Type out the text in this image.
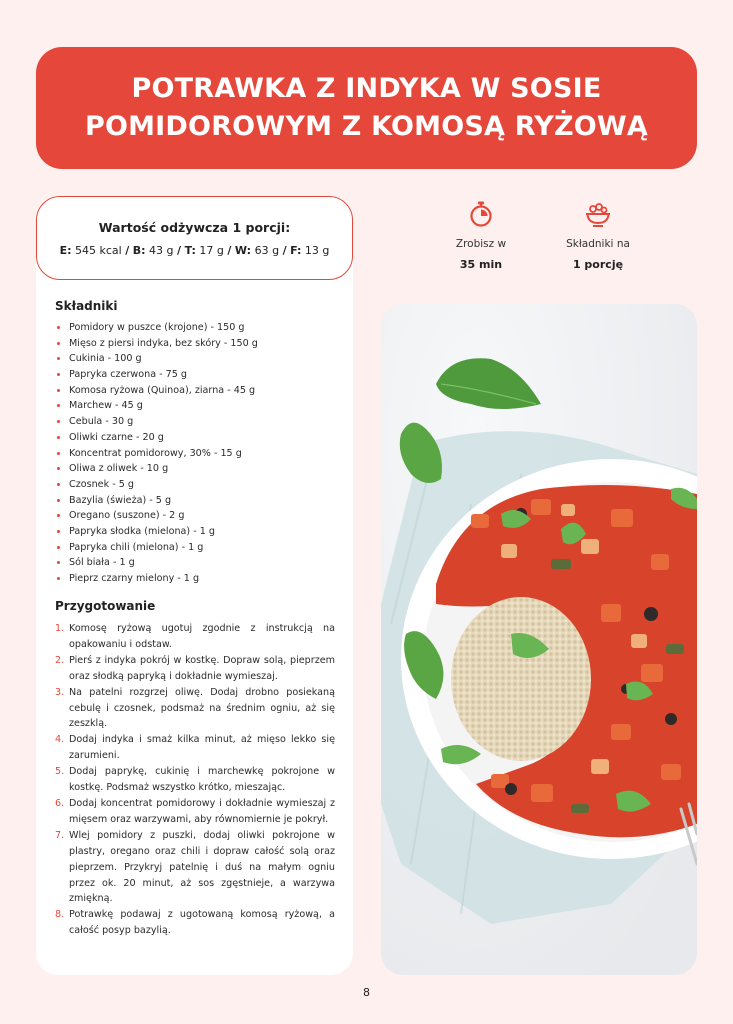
POTRAWKA Z INDYKA W SOSIE
POMIDOROWYM Z KOMOSĄ RYŻOWĄ
Wartość odżywcza 1 porcji:
E: 545 kcal / B: 43 g / T: 17 g / W: 63 g / F: 13 g	Zrobisz w
35 min
Składniki na
1 porcję
Składniki
Pomidory w puszce (krojone) - 150 g
Mięso z piersi indyka, bez skóry - 150 g
Cukinia - 100 g
Papryka czerwona - 75 g
Komosa ryżowa (Quinoa), ziarna - 45 g
Marchew - 45 g
Cebula - 30 g
Oliwki czarne - 20 g
Koncentrat pomidorowy, 30% - 15 g
Oliwa z oliwek - 10 g
Czosnek - 5 g
Bazylia (świeża) - 5 g
Oregano (suszone) - 2 g
Papryka słodka (mielona) - 1 g
Papryka chili (mielona) - 1 g
Sól biała - 1 g
Pieprz czarny mielony - 1 g
Przygotowanie
1. Komosę ryżową ugotuj zgodnie z instrukcją na opakowaniu i odstaw.
2. Pierś z indyka pokrój w kostkę. Dopraw solą, pieprzem oraz słodką papryką i dokładnie wymieszaj.
3. Na patelni rozgrzej oliwę. Dodaj drobno posiekaną cebulę i czosnek, podsmaż na średnim ogniu, aż się zeszklą.
4. Dodaj indyka i smaż kilka minut, aż mięso lekko się zarumieni.
5. Dodaj paprykę, cukinię i marchewkę pokrojone w kostkę. Podsmaż wszystko krótko, mieszając.
6. Dodaj koncentrat pomidorowy i dokładnie wymieszaj z mięsem oraz warzywami, aby równomiernie je pokrył.
7. Wlej pomidory z puszki, dodaj oliwki pokrojone w plastry, oregano oraz chili i dopraw całość solą oraz pieprzem. Przykryj patelnię i duś na małym ogniu przez ok. 20 minut, aż sos zgęstnieje, a warzywa zmiękną.
8. Potrawkę podawaj z ugotowaną komosą ryżową, a całość posyp bazylią.
8
